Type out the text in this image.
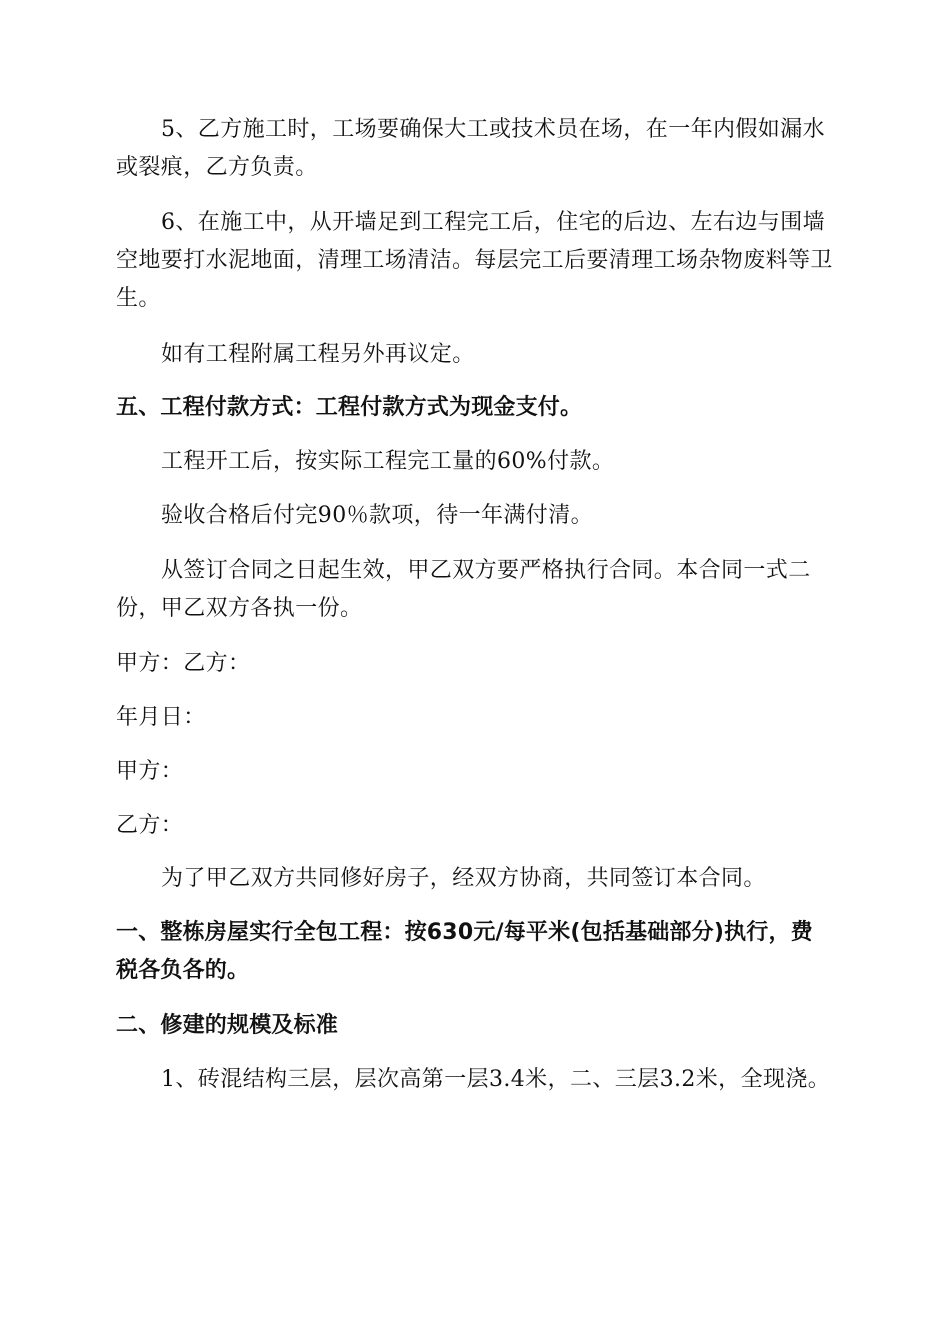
5、乙方施工时，工场要确保大工或技术员在场，在一年内假如漏水或裂痕，乙方负责。

6、在施工中，从开墙足到工程完工后，住宅的后边、左右边与围墙空地要打水泥地面，清理工场清洁。每层完工后要清理工场杂物废料等卫生。

如有工程附属工程另外再议定。

五、工程付款方式：工程付款方式为现金支付。

工程开工后，按实际工程完工量的60%付款。

验收合格后付完90％款项，待一年满付清。

从签订合同之日起生效，甲乙双方要严格执行合同。本合同一式二份，甲乙双方各执一份。

甲方：乙方：

年月日：

甲方：

乙方：

为了甲乙双方共同修好房子，经双方协商，共同签订本合同。

一、整栋房屋实行全包工程：按630元/每平米(包括基础部分)执行，费税各负各的。

二、修建的规模及标准

1、砖混结构三层，层次高第一层3.4米，二、三层3.2米，全现浇。
